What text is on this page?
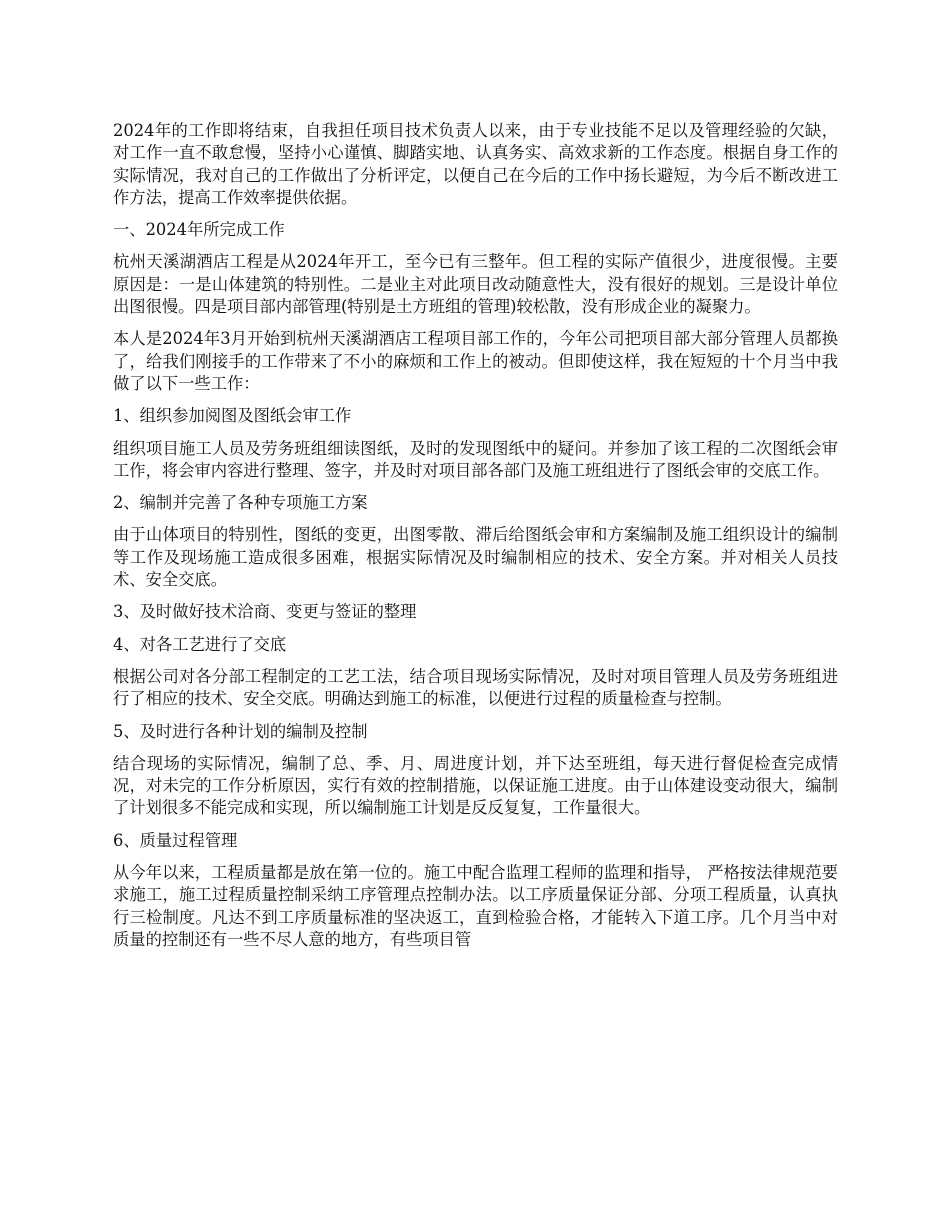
2024年的工作即将结束，自我担任项目技术负责人以来，由于专业技能不足以及管理经验的欠缺，对工作一直不敢怠慢，坚持小心谨慎、脚踏实地、认真务实、高效求新的工作态度。根据自身工作的实际情况，我对自己的工作做出了分析评定，以便自己在今后的工作中扬长避短，为今后不断改进工作方法，提高工作效率提供依据。

一、2024年所完成工作

杭州天溪湖酒店工程是从2024年开工，至今已有三整年。但工程的实际产值很少，进度很慢。主要原因是：一是山体建筑的特别性。二是业主对此项目改动随意性大，没有很好的规划。三是设计单位出图很慢。四是项目部内部管理(特别是土方班组的管理)较松散，没有形成企业的凝聚力。

本人是2024年3月开始到杭州天溪湖酒店工程项目部工作的，今年公司把项目部大部分管理人员都换了，给我们刚接手的工作带来了不小的麻烦和工作上的被动。但即使这样，我在短短的十个月当中我做了以下一些工作：

1、组织参加阅图及图纸会审工作

组织项目施工人员及劳务班组细读图纸，及时的发现图纸中的疑问。并参加了该工程的二次图纸会审工作，将会审内容进行整理、签字，并及时对项目部各部门及施工班组进行了图纸会审的交底工作。

2、编制并完善了各种专项施工方案

由于山体项目的特别性，图纸的变更，出图零散、滞后给图纸会审和方案编制及施工组织设计的编制等工作及现场施工造成很多困难，根据实际情况及时编制相应的技术、安全方案。并对相关人员技术、安全交底。

3、及时做好技术洽商、变更与签证的整理

4、对各工艺进行了交底

根据公司对各分部工程制定的工艺工法，结合项目现场实际情况，及时对项目管理人员及劳务班组进行了相应的技术、安全交底。明确达到施工的标准，以便进行过程的质量检查与控制。

5、及时进行各种计划的编制及控制

结合现场的实际情况，编制了总、季、月、周进度计划，并下达至班组，每天进行督促检查完成情况，对未完的工作分析原因，实行有效的控制措施，以保证施工进度。由于山体建设变动很大，编制了计划很多不能完成和实现，所以编制施工计划是反反复复，工作量很大。

6、质量过程管理

从今年以来，工程质量都是放在第一位的。施工中配合监理工程师的监理和指导， 严格按法律规范要求施工，施工过程质量控制采纳工序管理点控制办法。以工序质量保证分部、分项工程质量，认真执行三检制度。凡达不到工序质量标准的坚决返工，直到检验合格，才能转入下道工序。几个月当中对质量的控制还有一些不尽人意的地方，有些项目管
